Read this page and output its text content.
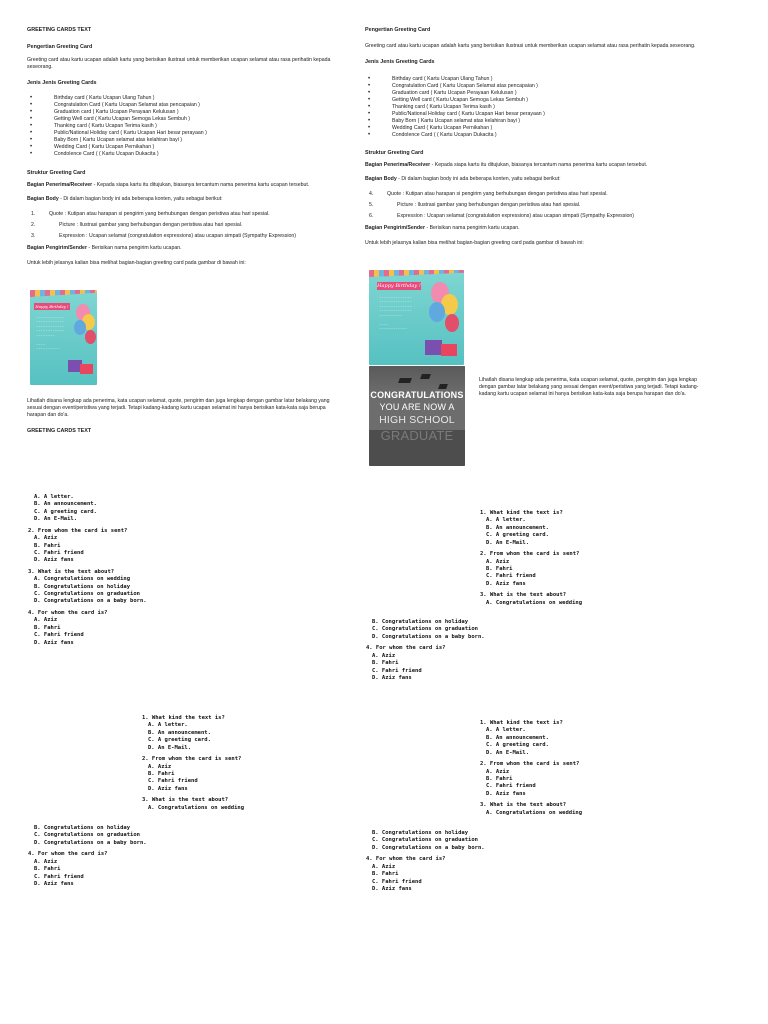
GREETING CARDS TEXT

Pengertian Greeting Card

Greeting card atau kartu ucapan adalah kartu yang berisikan ilustrasi untuk memberikan ucapan selamat atau rasa perihatin kepada seseorang.

Jenis Jenis Greeting Cards

• Birthday card ( Kartu Ucapan Ulang Tahun )
• Congratulation Card ( Kartu Ucapan Selamat atas pencapaian )
• Graduation card ( Kartu Ucapan Perayaan Kelulusan )
• Getting Well card ( Kartu Ucapan Semoga Lekas Sembuh )
• Thanking card ( Kartu Ucapan Terima kasih )
• Public/National Holiday card ( Kartu Ucapan Hari besar perayaan )
• Baby Born ( Kartu Ucapan selamat atas kelahiran bayi )
• Wedding Card ( Kartu Ucapan Pernikahan )
• Condolence Card ( ( Kartu Ucapan Dukacita )

Struktur Greeting Card

Bagian Penerima/Receiver - Kepada siapa kartu itu ditujukan, biasanya tercantum nama penerima kartu ucapan tersebut.

Bagian Body - Di dalam bagian body ini ada beberapa konten, yaitu sebagai berikut:

1.	Quote : Kutipan atau harapan si pengirim yang berhubungan dengan peristiwa atau hari spesial.
2.	Picture : Ilustrasi gambar yang berhubungan dengan peristiwa atau hari spesial.
3.	Expression : Ucapan selamat (congratulation expressions) atau ucapan simpati (Sympathy Expression)

Bagian Pengirim/Sender - Berisikan nama pengirim kartu ucapan.

Untuk lebih jelasnya kalian bisa melihat bagian-bagian greeting card pada gambar di bawah ini:

Happy Birthday !
~~~~~~~~~~~~
~~~~~~~~~~~~
~~~~~~~~~~~~
~~~~~~~~~~~~
~~~~~~~~

~~~~
~~~~~~~~~~

Lihatlah disana lengkap ada penerima, kata ucapan selamat, quote, pengirim dan juga lengkap dengan gambar latar belakang yang sesuai dengan event/peristiwa yang terjadi. Tetapi kadang-kadang kartu ucapan selamat ini hanya berisikan kata-kata saja berupa harapan dan do'a.

GREETING CARDS TEXT

Pengertian Greeting Card

Greeting card atau kartu ucapan adalah kartu yang berisikan ilustrasi untuk memberikan ucapan selamat atau rasa perihatin kepada seseorang.

Jenis Jenis Greeting Cards

• Birthday card ( Kartu Ucapan Ulang Tahun )
• Congratulation Card ( Kartu Ucapan Selamat atas pencapaian )
• Graduation card ( Kartu Ucapan Perayaan Kelulusan )
• Getting Well card ( Kartu Ucapan Semoga Lekas Sembuh )
• Thanking card ( Kartu Ucapan Terima kasih )
• Public/National Holiday card ( Kartu Ucapan Hari besar perayaan )
• Baby Born ( Kartu Ucapan selamat atas kelahiran bayi )
• Wedding Card ( Kartu Ucapan Pernikahan )
• Condolence Card ( ( Kartu Ucapan Dukacita )

Struktur Greeting Card

Bagian Penerima/Receiver - Kepada siapa kartu itu ditujukan, biasanya tercantum nama penerima kartu ucapan tersebut.

Bagian Body - Di dalam bagian body ini ada beberapa konten, yaitu sebagai berikut:

4.	Quote : Kutipan atau harapan si pengirim yang berhubungan dengan peristiwa atau hari spesial.
5.	Picture : Ilustrasi gambar yang berhubungan dengan peristiwa atau hari spesial.
6.	Expression : Ucapan selamat (congratulation expressions) atau ucapan simpati (Sympathy Expression)

Bagian Pengirim/Sender - Berisikan nama pengirim kartu ucapan.

Untuk lebih jelasnya kalian bisa melihat bagian-bagian greeting card pada gambar di bawah ini:

Happy Birthday !
~~~~~~~~~~~~~~
~~~~~~~~~~~~~~
~~~~~~~~~~~~~~
~~~~~~~~~~~~~~
~~~~~~~~~~

~~~~
~~~~~~~~~~~~
CONGRATULATIONS
YOU ARE NOW A
HIGH SCHOOL
GRADUATE

Lihatlah disana lengkap ada penerima, kata ucapan selamat, quote, pengirim dan juga lengkap dengan gambar latar belakang yang sesuai dengan event/peristiwa yang terjadi. Tetapi kadang-kadang kartu ucapan selamat ini hanya berisikan kata-kata saja berupa harapan dan do'a.

A. A letter.

B. An announcement.

C. A greeting card.

D. An E-Mail.

2. From whom the card is sent?

A. Aziz

B. Fahri

C. Fahri friend

D. Aziz fans

3. What is the text about?

A. Congratulations on wedding

B. Congratulations on holiday

C. Congratulations on graduation

D. Congratulations on a baby born.

4. For whom the card is?

A. Aziz

B. Fahri

C. Fahri friend

D. Aziz fans

1. What kind the text is?

A. A letter.

B. An announcement.

C. A greeting card.

D. An E-Mail.

2. From whom the card is sent?

A. Aziz

B. Fahri

C. Fahri friend

D. Aziz fans

3. What is the text about?

A. Congratulations on wedding

B. Congratulations on holiday

C. Congratulations on graduation

D. Congratulations on a baby born.

4. For whom the card is?

A. Aziz

B. Fahri

C. Fahri friend

D. Aziz fans

1. What kind the text is?

A. A letter.

B. An announcement.

C. A greeting card.

D. An E-Mail.

2. From whom the card is sent?

A. Aziz

B. Fahri

C. Fahri friend

D. Aziz fans

3. What is the text about?

A. Congratulations on wedding

B. Congratulations on holiday

C. Congratulations on graduation

D. Congratulations on a baby born.

4. For whom the card is?

A. Aziz

B. Fahri

C. Fahri friend

D. Aziz fans

1. What kind the text is?

A. A letter.

B. An announcement.

C. A greeting card.

D. An E-Mail.

2. From whom the card is sent?

A. Aziz

B. Fahri

C. Fahri friend

D. Aziz fans

3. What is the text about?

A. Congratulations on wedding

B. Congratulations on holiday

C. Congratulations on graduation

D. Congratulations on a baby born.

4. For whom the card is?

A. Aziz

B. Fahri

C. Fahri friend

D. Aziz fans
